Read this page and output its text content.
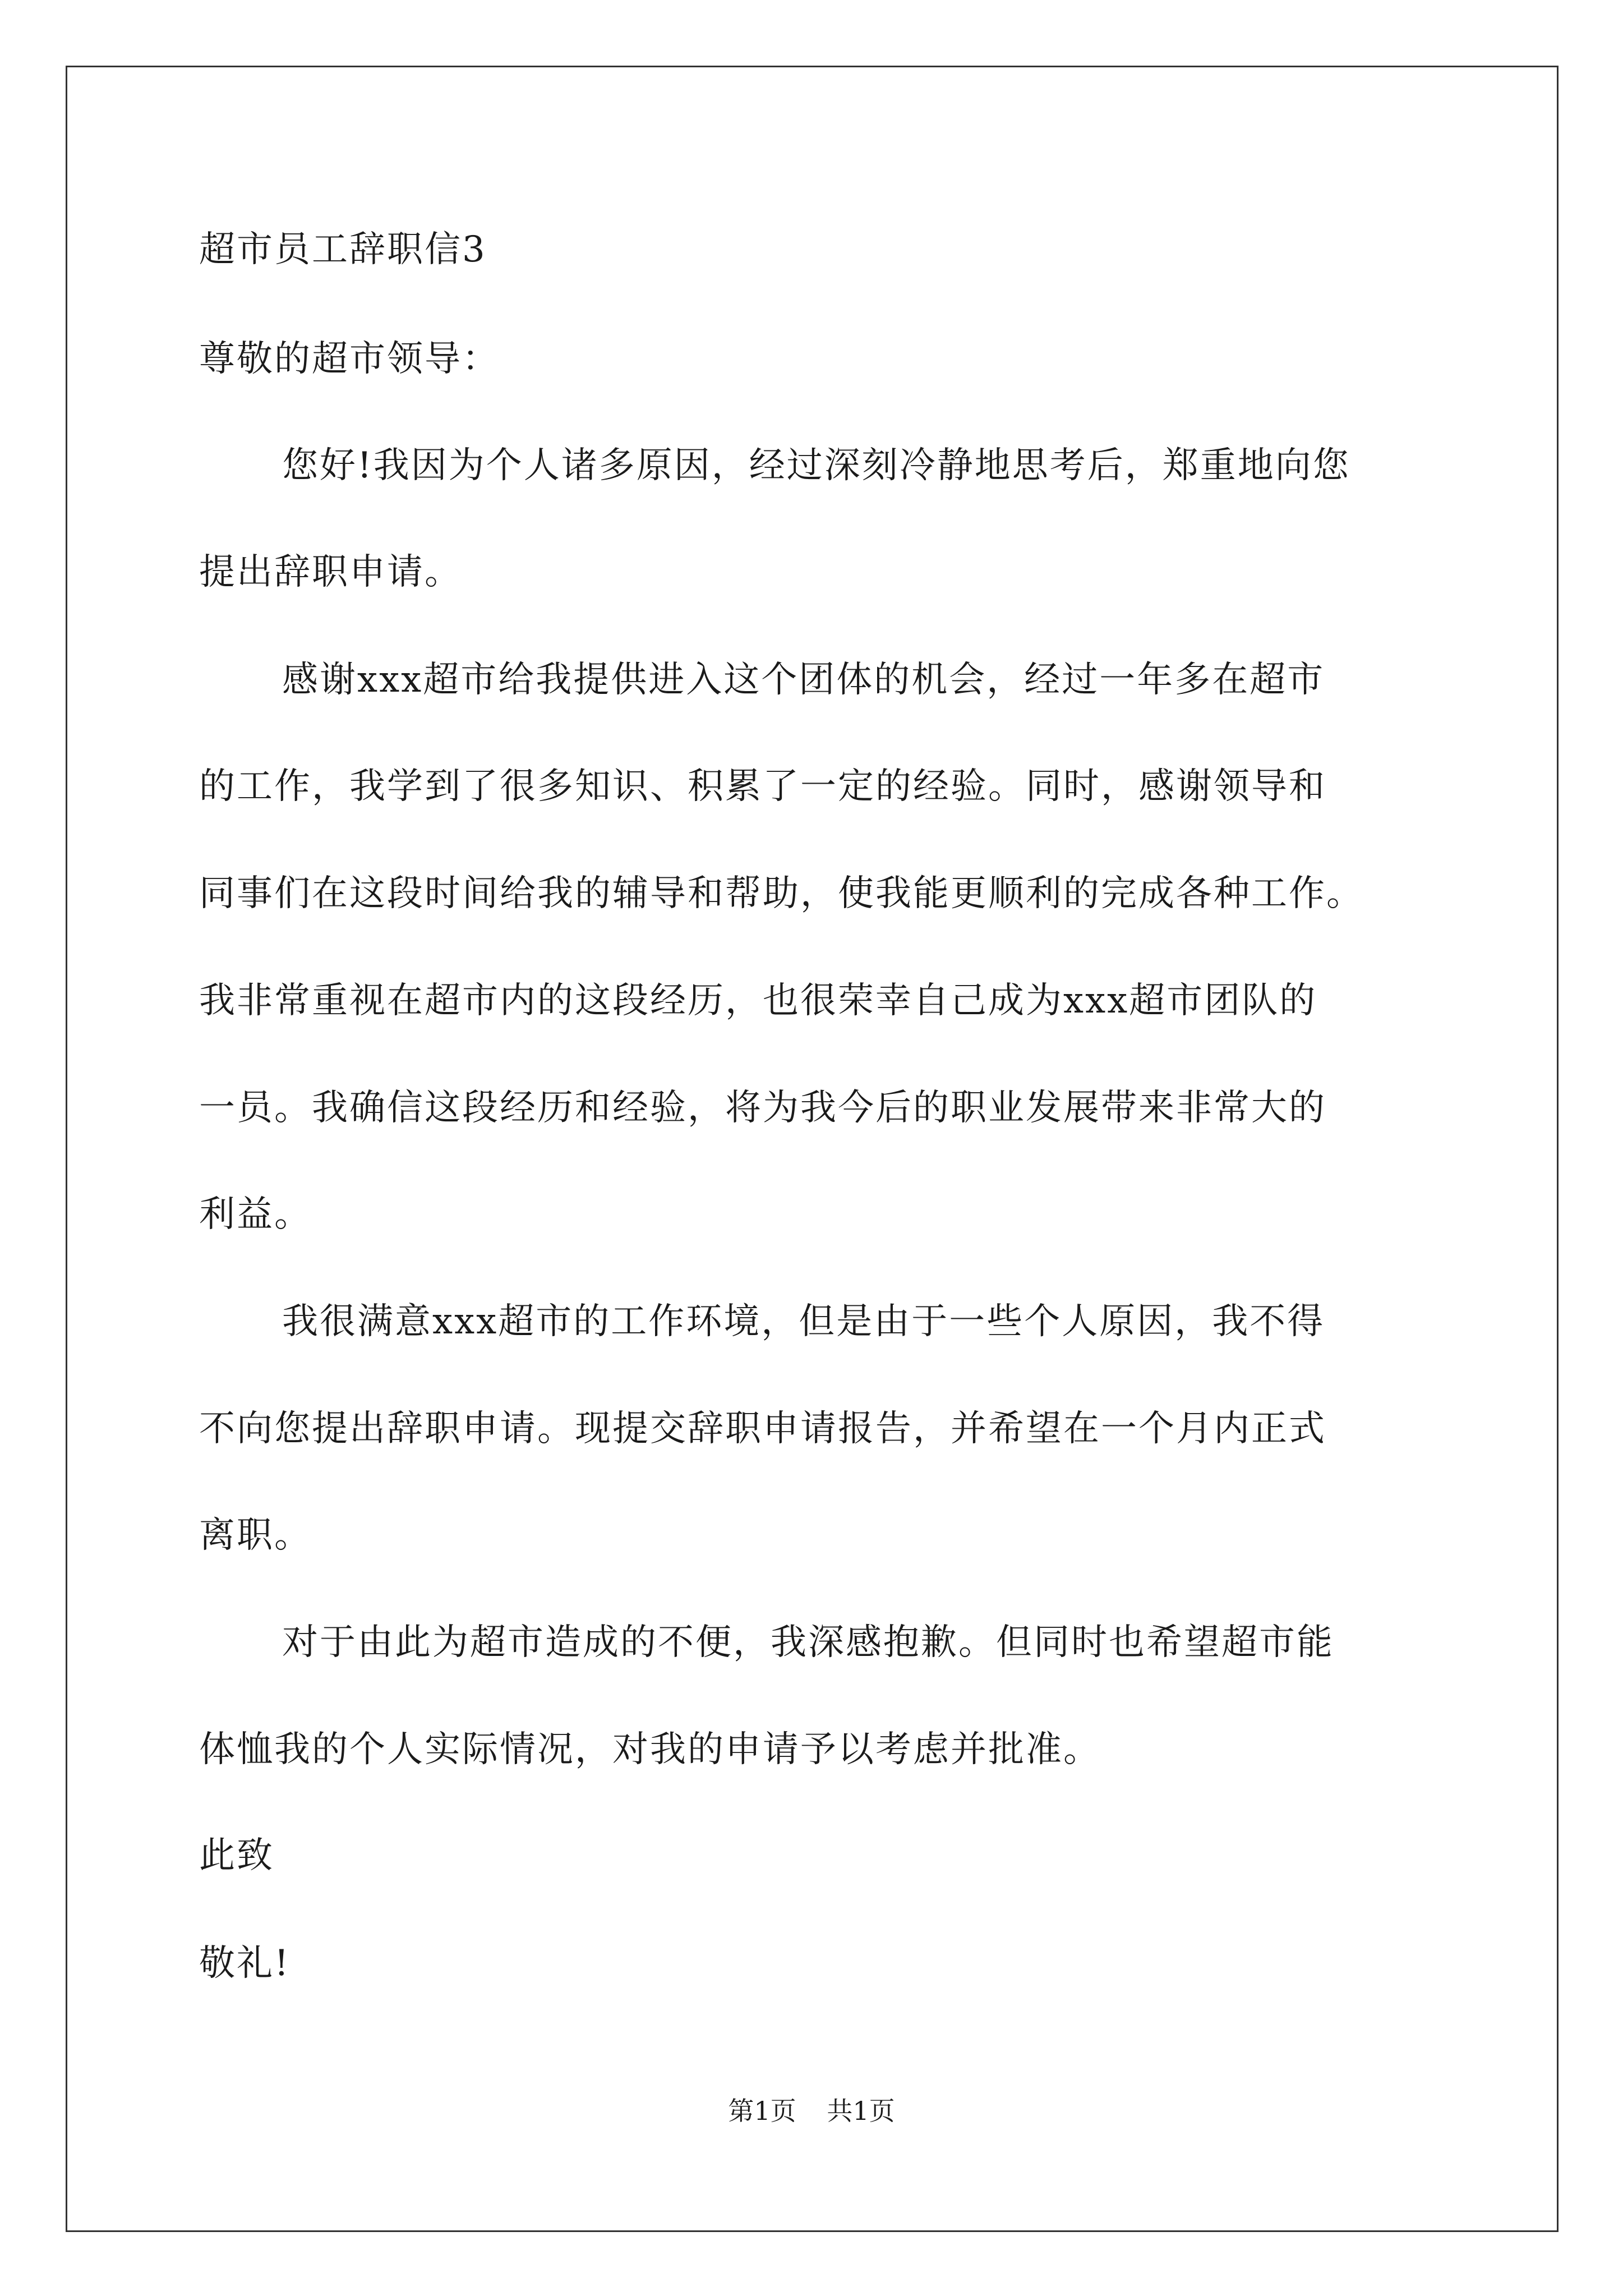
超市员工辞职信3
尊敬的超市领导：
您好!我因为个人诸多原因，经过深刻冷静地思考后，郑重地向您
提出辞职申请。
感谢xxx超市给我提供进入这个团体的机会，经过一年多在超市
的工作，我学到了很多知识、积累了一定的经验。同时，感谢领导和
同事们在这段时间给我的辅导和帮助，使我能更顺利的完成各种工作。
我非常重视在超市内的这段经历，也很荣幸自己成为xxx超市团队的
一员。我确信这段经历和经验，将为我今后的职业发展带来非常大的
利益。
我很满意xxx超市的工作环境，但是由于一些个人原因，我不得
不向您提出辞职申请。现提交辞职申请报告，并希望在一个月内正式
离职。
对于由此为超市造成的不便，我深感抱歉。但同时也希望超市能
体恤我的个人实际情况，对我的申请予以考虑并批准。
此致
敬礼!
第1页 共1页
